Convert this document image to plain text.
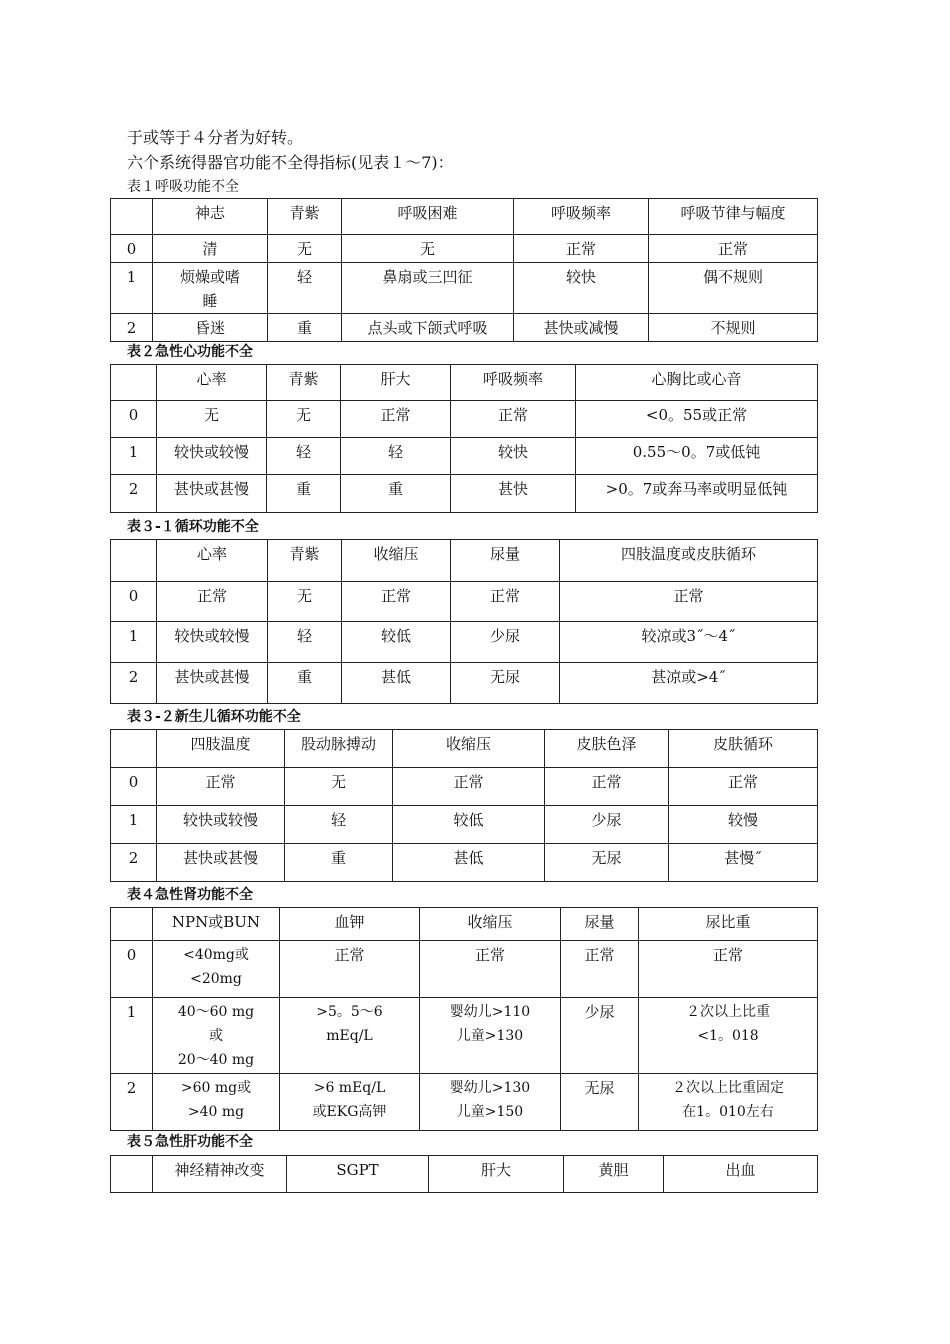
于或等于４分者为好转。
六个系统得器官功能不全得指标(见表１～7)：
表１呼吸功能不全
	神志	青紫	呼吸困难	呼吸频率	呼吸节律与幅度
0	清	无	无	正常	正常
1	烦燥或嗜
睡	轻	鼻扇或三凹征	较快	偶不规则
2	昏迷	重	点头或下颌式呼吸	甚快或减慢	不规则
表２急性心功能不全
	心率	青紫	肝大	呼吸频率	心胸比或心音
0	无	无	正常	正常	<0。55或正常
1	较快或较慢	轻	轻	较快	0.55～0。7或低钝
2	甚快或甚慢	重	重	甚快	>0。7或奔马率或明显低钝
表３-１循环功能不全
	心率	青紫	收缩压	尿量	四肢温度或皮肤循环
0	正常	无	正常	正常	正常
1	较快或较慢	轻	较低	少尿	较凉或3˝～4˝
2	甚快或甚慢	重	甚低	无尿	甚凉或>4˝
表３-２新生儿循环功能不全
	四肢温度	股动脉搏动	收缩压	皮肤色泽	皮肤循环
0	正常	无	正常	正常	正常
1	较快或较慢	轻	较低	少尿	较慢
2	甚快或甚慢	重	甚低	无尿	甚慢˝
表４急性肾功能不全
	NPN或BUN	血钾	收缩压	尿量	尿比重
0	<40mg或
<20mg	正常	正常	正常	正常
1	40～60 mg
或
20～40 mg	>5。5～6
mEq/L	婴幼儿>110
儿童>130	少尿	２次以上比重
<1。018
2	>60 mg或
>40 mg	>6 mEq/L
或EKG高钾	婴幼儿>130
儿童>150	无尿	２次以上比重固定
在1。010左右
表５急性肝功能不全
	神经精神改变	SGPT	肝大	黄胆	出血
